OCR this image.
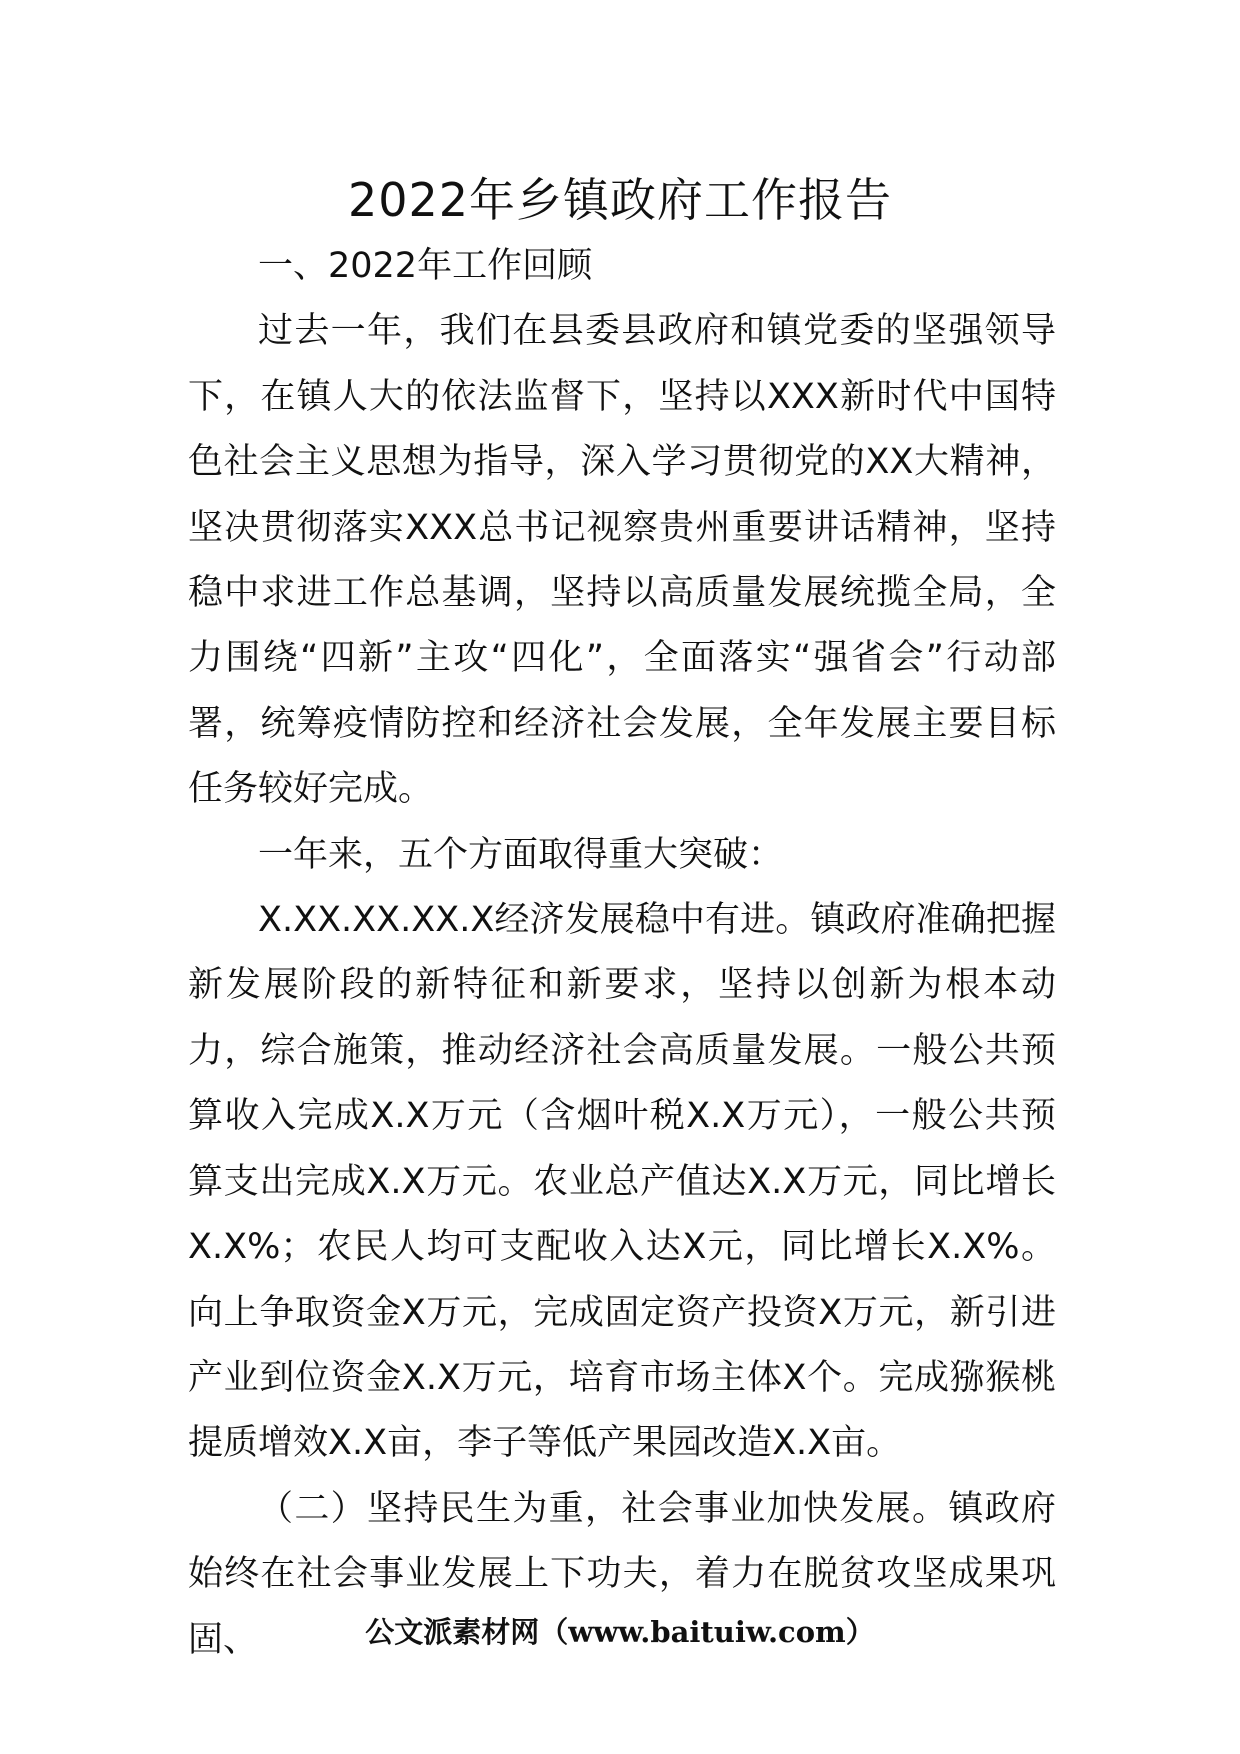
2022年乡镇政府工作报告

一、2022年工作回顾

过去一年，我们在县委县政府和镇党委的坚强领导下，在镇人大的依法监督下，坚持以XXX新时代中国特色社会主义思想为指导，深入学习贯彻党的XX大精神，坚决贯彻落实XXX总书记视察贵州重要讲话精神，坚持稳中求进工作总基调，坚持以高质量发展统揽全局，全力围绕“四新”主攻“四化”，全面落实“强省会”行动部署，统筹疫情防控和经济社会发展，全年发展主要目标任务较好完成。

一年来，五个方面取得重大突破：

X.XX.XX.XX.X经济发展稳中有进。镇政府准确把握新发展阶段的新特征和新要求，坚持以创新为根本动力，综合施策，推动经济社会高质量发展。一般公共预算收入完成X.X万元（含烟叶税X.X万元），一般公共预算支出完成X.X万元。农业总产值达X.X万元，同比增长X.X%；农民人均可支配收入达X元，同比增长X.X%。向上争取资金X万元，完成固定资产投资X万元，新引进产业到位资金X.X万元，培育市场主体X个。完成猕猴桃提质增效X.X亩，李子等低产果园改造X.X亩。

（二）坚持民生为重，社会事业加快发展。镇政府始终在社会事业发展上下功夫，着力在脱贫攻坚成果巩固、	公文派素材网（www.baituiw.com）
